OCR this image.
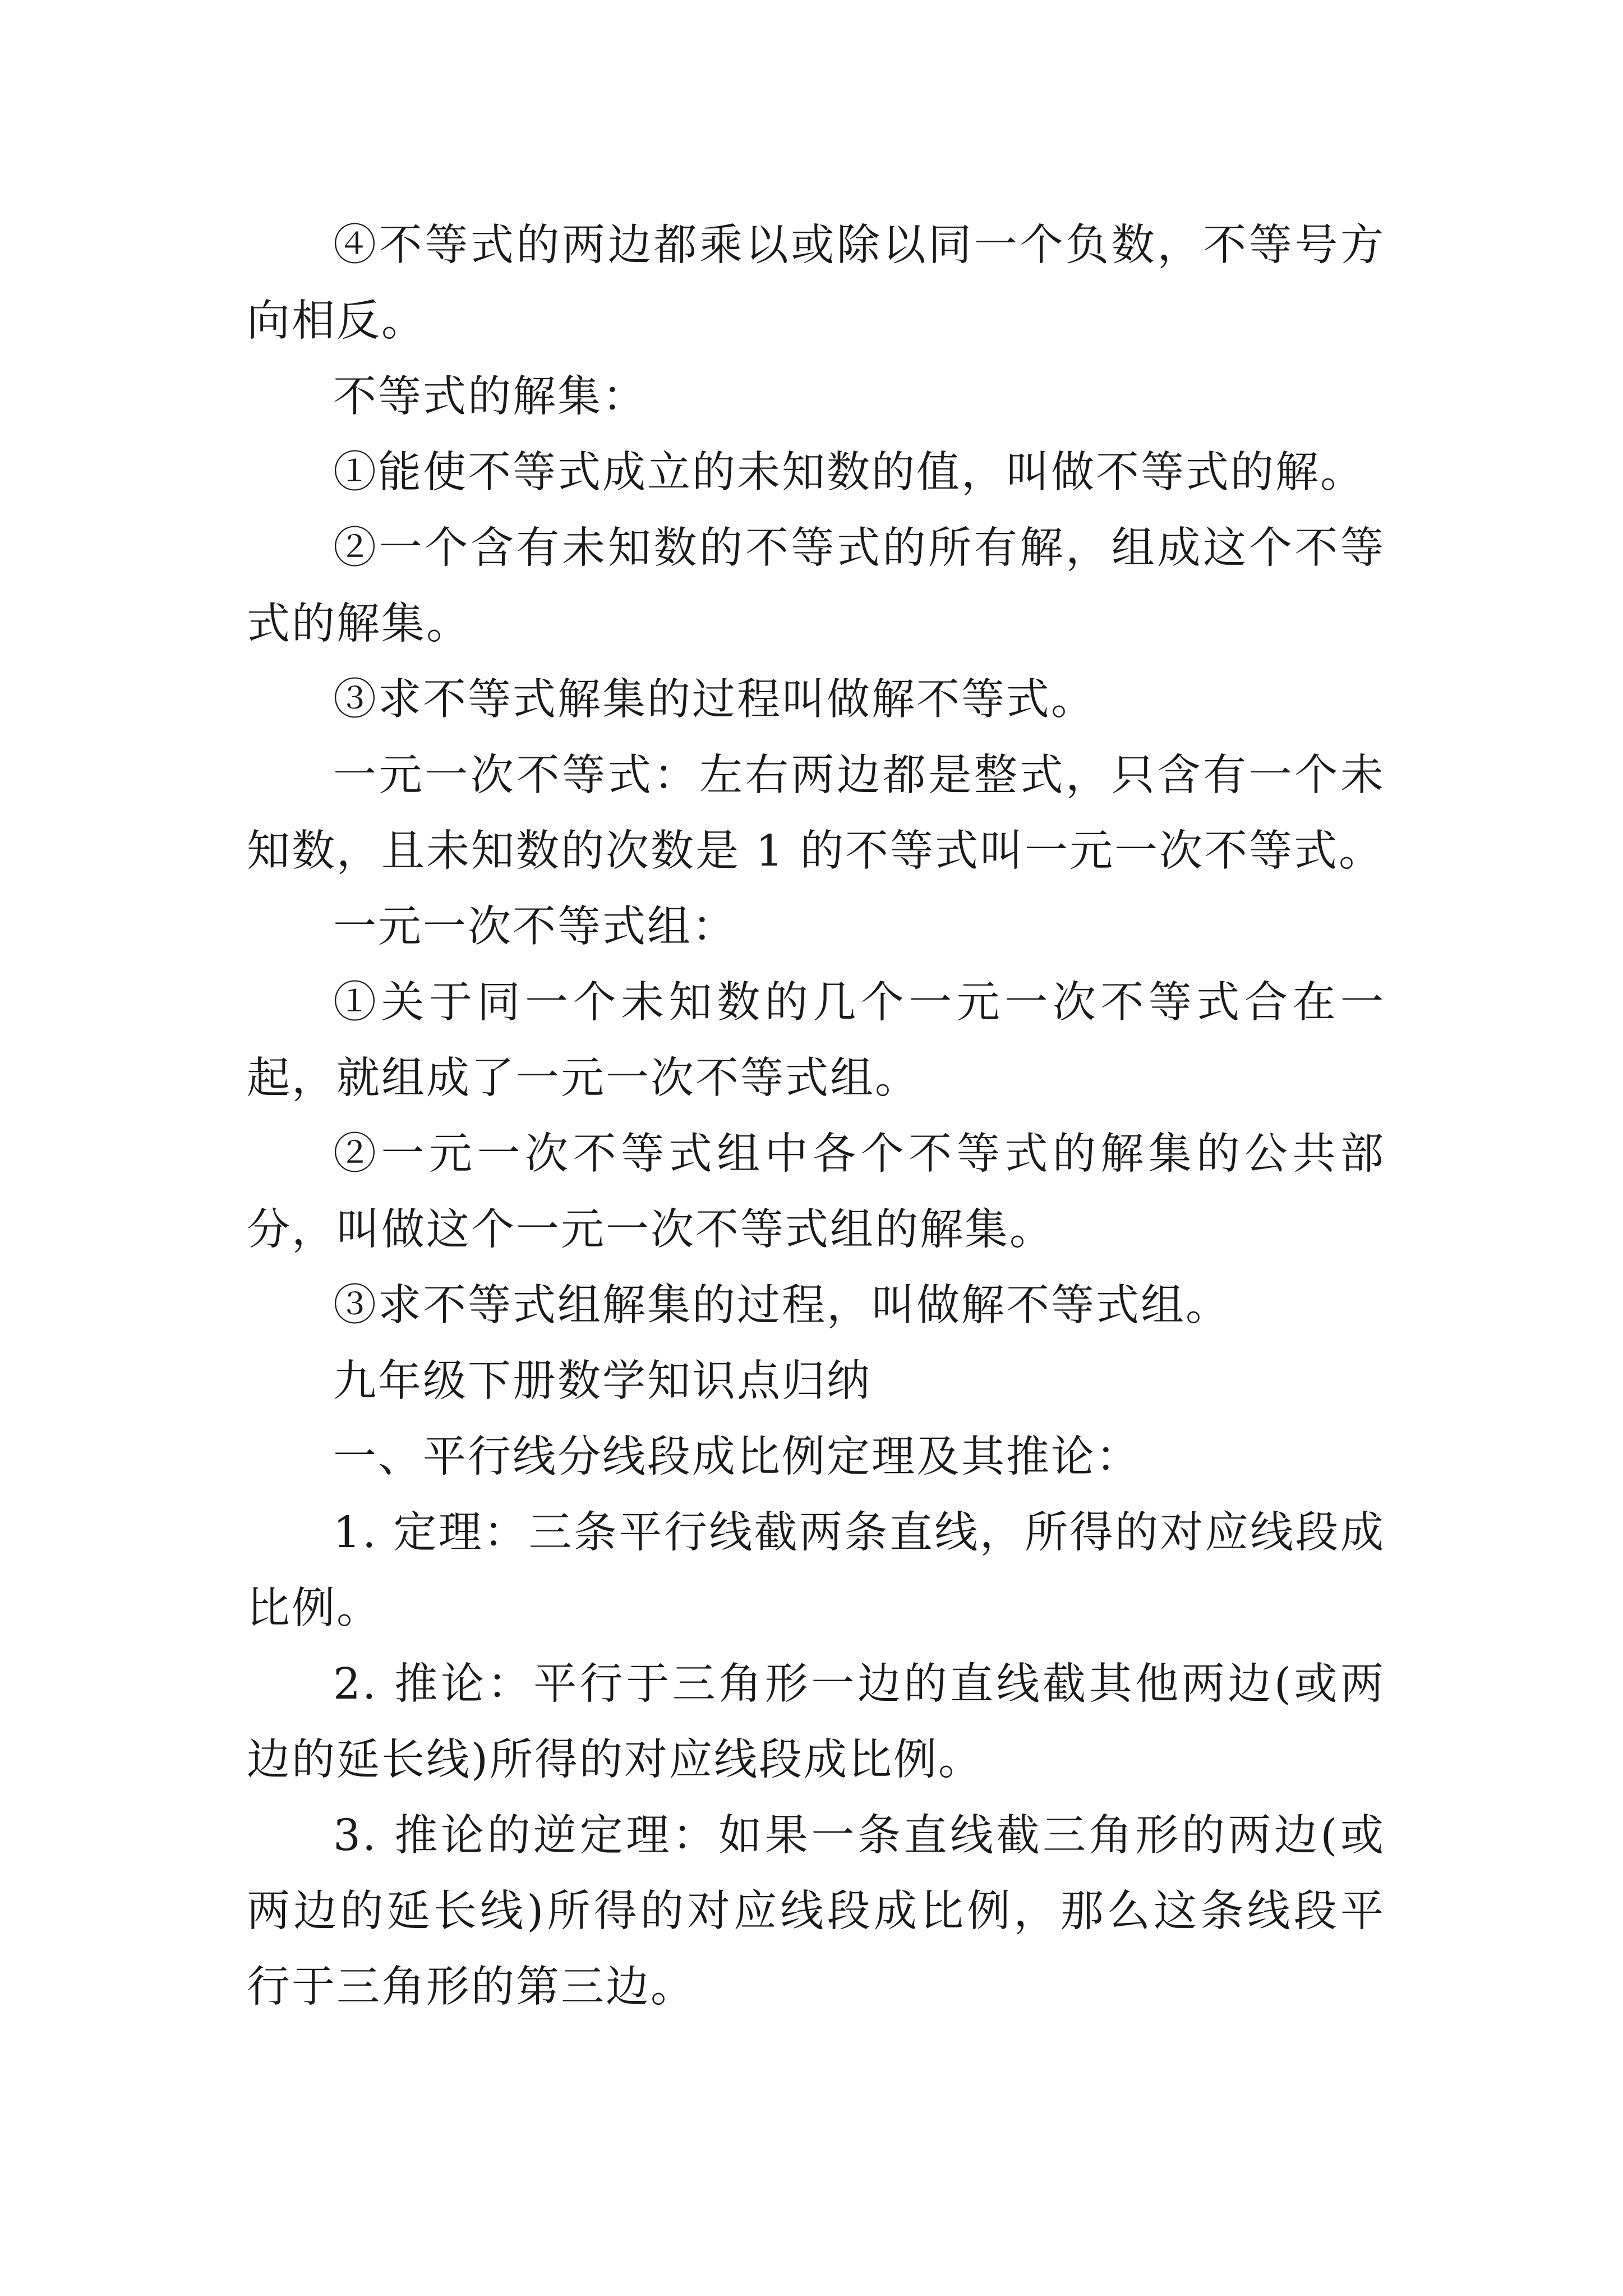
④不等式的两边都乘以或除以同一个负数，不等号方向相反。

不等式的解集：

①能使不等式成立的未知数的值，叫做不等式的解。

②一个含有未知数的不等式的所有解，组成这个不等式的解集。

③求不等式解集的过程叫做解不等式。

一元一次不等式：左右两边都是整式，只含有一个未知数，且未知数的次数是 1 的不等式叫一元一次不等式。

一元一次不等式组：

①关于同一个未知数的几个一元一次不等式合在一起，就组成了一元一次不等式组。

②一元一次不等式组中各个不等式的解集的公共部分，叫做这个一元一次不等式组的解集。

③求不等式组解集的过程，叫做解不等式组。

九年级下册数学知识点归纳

一、平行线分线段成比例定理及其推论：

1. 定理：三条平行线截两条直线，所得的对应线段成比例。

2. 推论：平行于三角形一边的直线截其他两边(或两边的延长线)所得的对应线段成比例。

3. 推论的逆定理：如果一条直线截三角形的两边(或两边的延长线)所得的对应线段成比例，那么这条线段平行于三角形的第三边。
